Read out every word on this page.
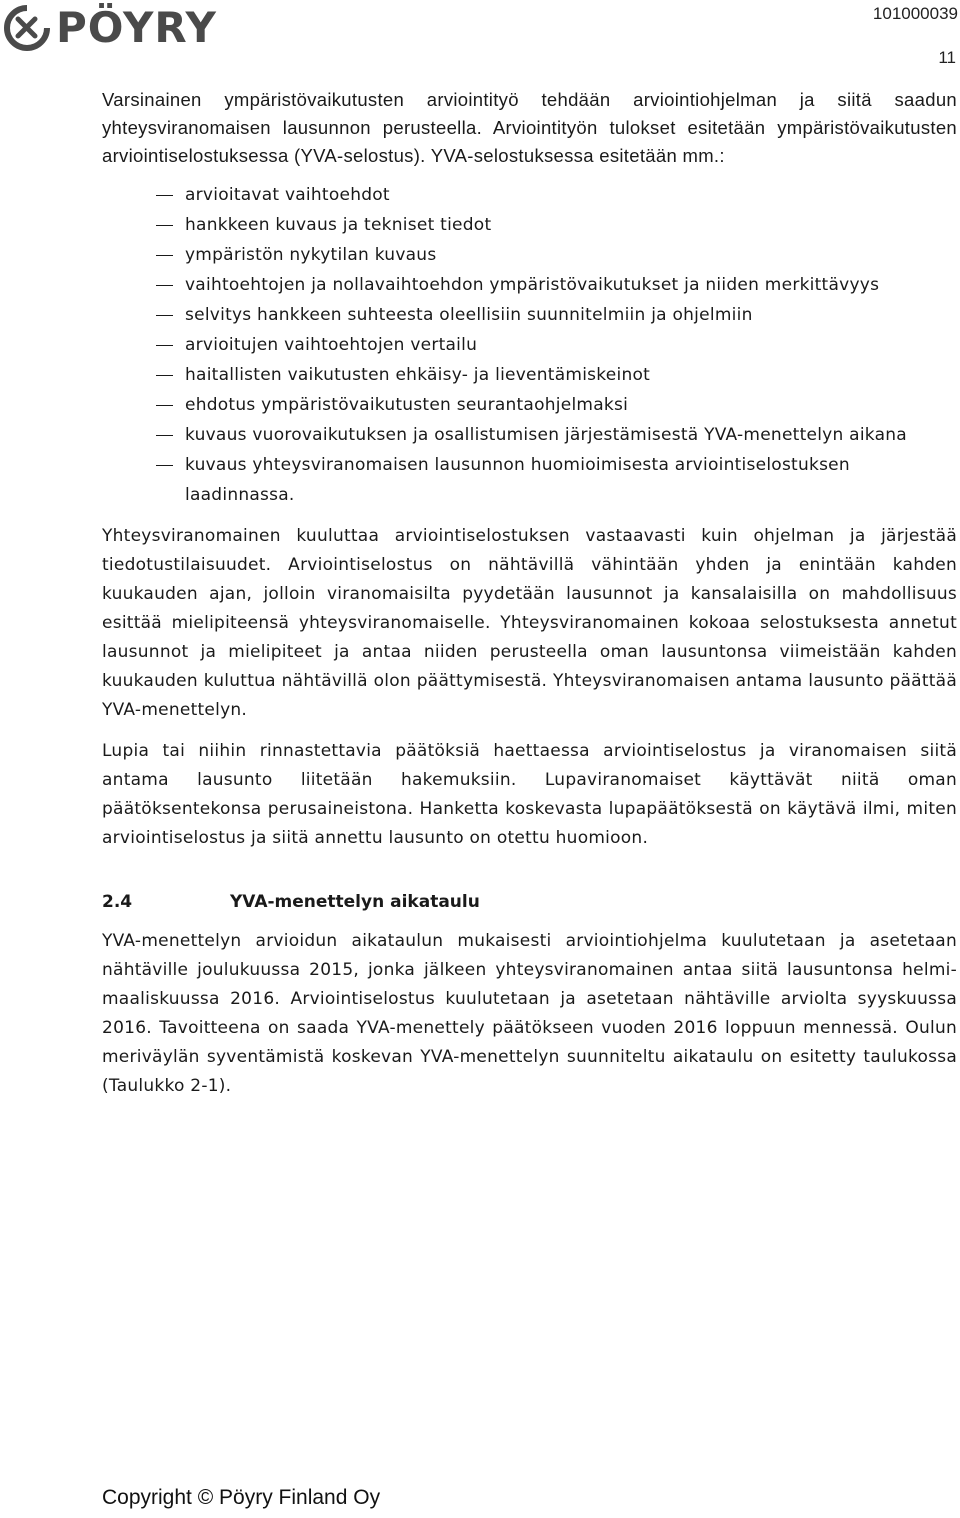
PÖYRY	101000039
11

Varsinainen ympäristövaikutusten arviointityö tehdään arviointiohjelman ja siitä saadun yhteysviranomaisen lausunnon perusteella. Arviointityön tulokset esitetään ympäristövaikutusten arviointiselostuksessa (YVA-selostus). YVA-selostuksessa esitetään mm.:

arvioitavat vaihtoehdot
hankkeen kuvaus ja tekniset tiedot
ympäristön nykytilan kuvaus
vaihtoehtojen ja nollavaihtoehdon ympäristövaikutukset ja niiden merkittävyys
selvitys hankkeen suhteesta oleellisiin suunnitelmiin ja ohjelmiin
arvioitujen vaihtoehtojen vertailu
haitallisten vaikutusten ehkäisy- ja lieventämiskeinot
ehdotus ympäristövaikutusten seurantaohjelmaksi
kuvaus vuorovaikutuksen ja osallistumisen järjestämisestä YVA-menettelyn aikana
kuvaus yhteysviranomaisen lausunnon huomioimisesta arviointiselostuksen laadinnassa.

Yhteysviranomainen kuuluttaa arviointiselostuksen vastaavasti kuin ohjelman ja järjestää tiedotustilaisuudet. Arviointiselostus on nähtävillä vähintään yhden ja enintään kahden kuukauden ajan, jolloin viranomaisilta pyydetään lausunnot ja kansalaisilla on mahdollisuus esittää mielipiteensä yhteysviranomaiselle. Yhteysviranomainen kokoaa selostuksesta annetut lausunnot ja mielipiteet ja antaa niiden perusteella oman lausuntonsa viimeistään kahden kuukauden kuluttua nähtävillä olon päättymisestä. Yhteysviranomaisen antama lausunto päättää YVA-menettelyn.

Lupia tai niihin rinnastettavia päätöksiä haettaessa arviointiselostus ja viranomaisen siitä antama lausunto liitetään hakemuksiin. Lupaviranomaiset käyttävät niitä oman päätöksentekonsa perusaineistona. Hanketta koskevasta lupapäätöksestä on käytävä ilmi, miten arviointiselostus ja siitä annettu lausunto on otettu huomioon.

2.4	YVA-menettelyn aikataulu

YVA-menettelyn arvioidun aikataulun mukaisesti arviointiohjelma kuulutetaan ja asetetaan nähtäville joulukuussa 2015, jonka jälkeen yhteysviranomainen antaa siitä lausuntonsa helmi-maaliskuussa 2016. Arviointiselostus kuulutetaan ja asetetaan nähtäville arviolta syyskuussa 2016. Tavoitteena on saada YVA-menettely päätökseen vuoden 2016 loppuun mennessä. Oulun meriväylän syventämistä koskevan YVA-menettelyn suunniteltu aikataulu on esitetty taulukossa (Taulukko 2-1).

Copyright © Pöyry Finland Oy
